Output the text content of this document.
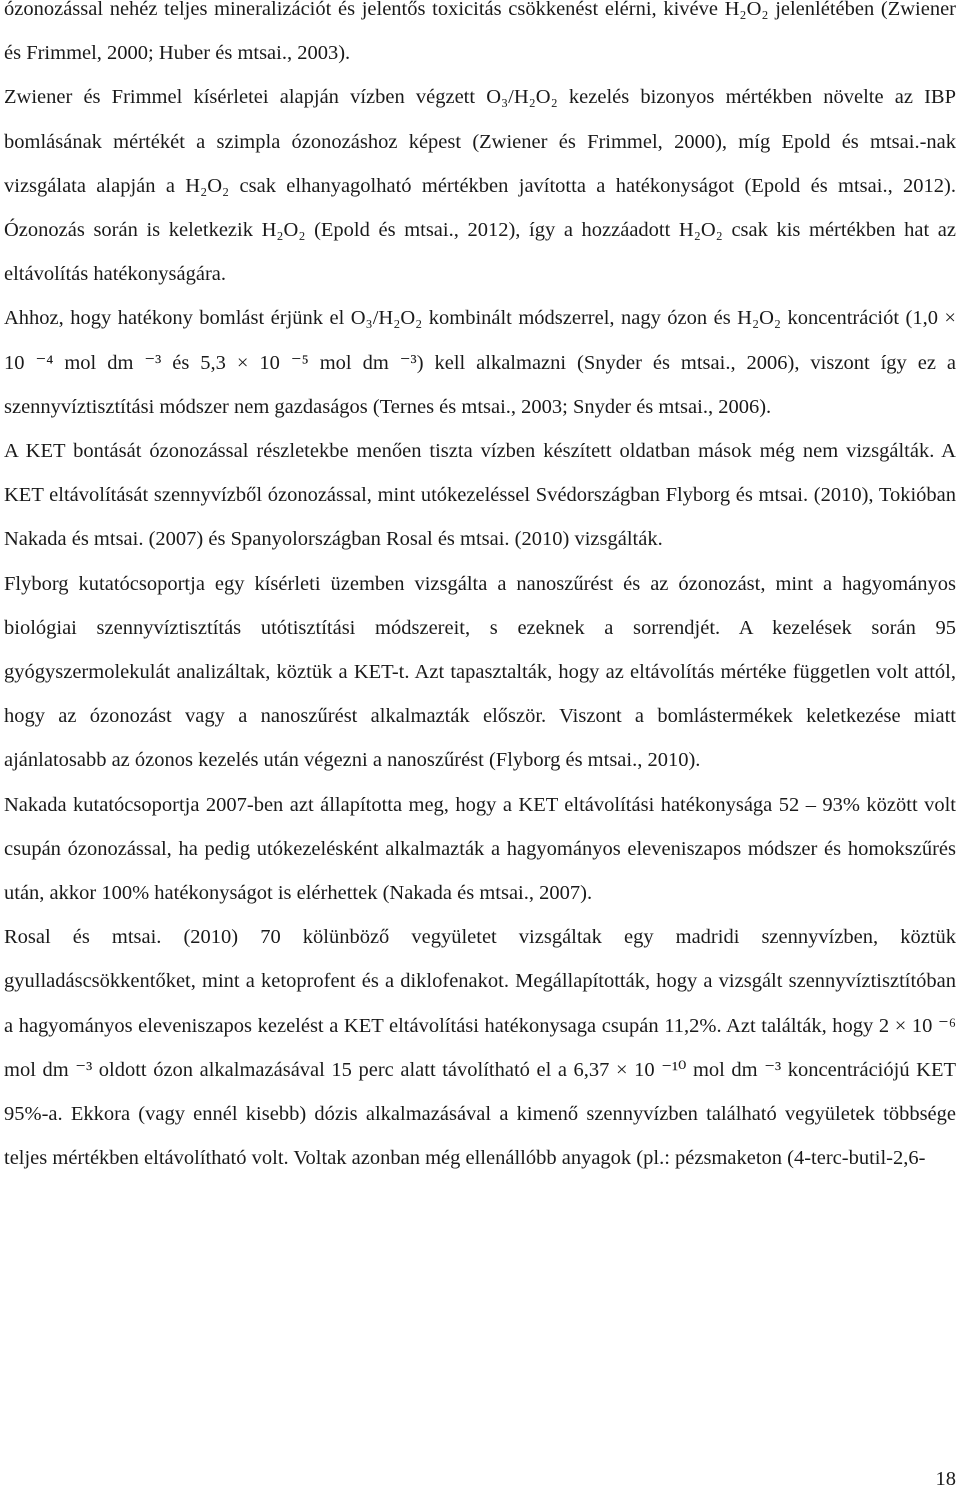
ózonozással nehéz teljes mineralizációt és jelentős toxicitás csökkenést elérni, kivéve H₂O₂ jelenlétében (Zwiener és Frimmel, 2000; Huber és mtsai., 2003).

Zwiener és Frimmel kísérletei alapján vízben végzett O₃/H₂O₂ kezelés bizonyos mértékben növelte az IBP bomlásának mértékét a szimpla ózonozáshoz képest (Zwiener és Frimmel, 2000), míg Epold és mtsai.-nak vizsgálata alapján a H₂O₂ csak elhanyagolható mértékben javította a hatékonyságot (Epold és mtsai., 2012). Ózonozás során is keletkezik H₂O₂ (Epold és mtsai., 2012), így a hozzáadott H₂O₂ csak kis mértékben hat az eltávolítás hatékonyságára.

Ahhoz, hogy hatékony bomlást érjünk el O₃/H₂O₂ kombinált módszerrel, nagy ózon és H₂O₂ koncentrációt (1,0 × 10 ⁻⁴ mol dm ⁻³ és 5,3 × 10 ⁻⁵ mol dm ⁻³) kell alkalmazni (Snyder és mtsai., 2006), viszont így ez a szennyvíztisztítási módszer nem gazdaságos (Ternes és mtsai., 2003; Snyder és mtsai., 2006).

A KET bontását ózonozással részletekbe menően tiszta vízben készített oldatban mások még nem vizsgálták. A KET eltávolítását szennyvízből ózonozással, mint utókezeléssel Svédországban Flyborg és mtsai. (2010), Tokióban Nakada és mtsai. (2007) és Spanyolországban Rosal és mtsai. (2010) vizsgálták.

Flyborg kutatócsoportja egy kísérleti üzemben vizsgálta a nanoszűrést és az ózonozást, mint a hagyományos biológiai szennyvíztisztítás utótisztítási módszereit, s ezeknek a sorrendjét. A kezelések során 95 gyógyszermolekulát analizáltak, köztük a KET-t. Azt tapasztalták, hogy az eltávolítás mértéke független volt attól, hogy az ózonozást vagy a nanoszűrést alkalmazták először. Viszont a bomlástermékek keletkezése miatt ajánlatosabb az ózonos kezelés után végezni a nanoszűrést (Flyborg és mtsai., 2010).

Nakada kutatócsoportja 2007-ben azt állapította meg, hogy a KET eltávolítási hatékonysága 52 – 93% között volt csupán ózonozással, ha pedig utókezelésként alkalmazták a hagyományos eleveniszapos módszer és homokszűrés után, akkor 100% hatékonyságot is elérhettek (Nakada és mtsai., 2007).

Rosal és mtsai. (2010) 70 kölünböző vegyületet vizsgáltak egy madridi szennyvízben, köztük gyulladáscsökkentőket, mint a ketoprofent és a diklofenakot. Megállapították, hogy a vizsgált szennyvíztisztítóban a hagyományos eleveniszapos kezelést a KET eltávolítási hatékonysaga csupán 11,2%. Azt találták, hogy 2 × 10 ⁻⁶ mol dm ⁻³ oldott ózon alkalmazásával 15 perc alatt távolítható el a 6,37 × 10 ⁻¹⁰ mol dm ⁻³ koncentrációjú KET 95%-a. Ekkora (vagy ennél kisebb) dózis alkalmazásával a kimenő szennyvízben található vegyületek többsége teljes mértékben eltávolítható volt. Voltak azonban még ellenállóbb anyagok (pl.: pézsmaketon (4-terc-butil-2,6-

18
